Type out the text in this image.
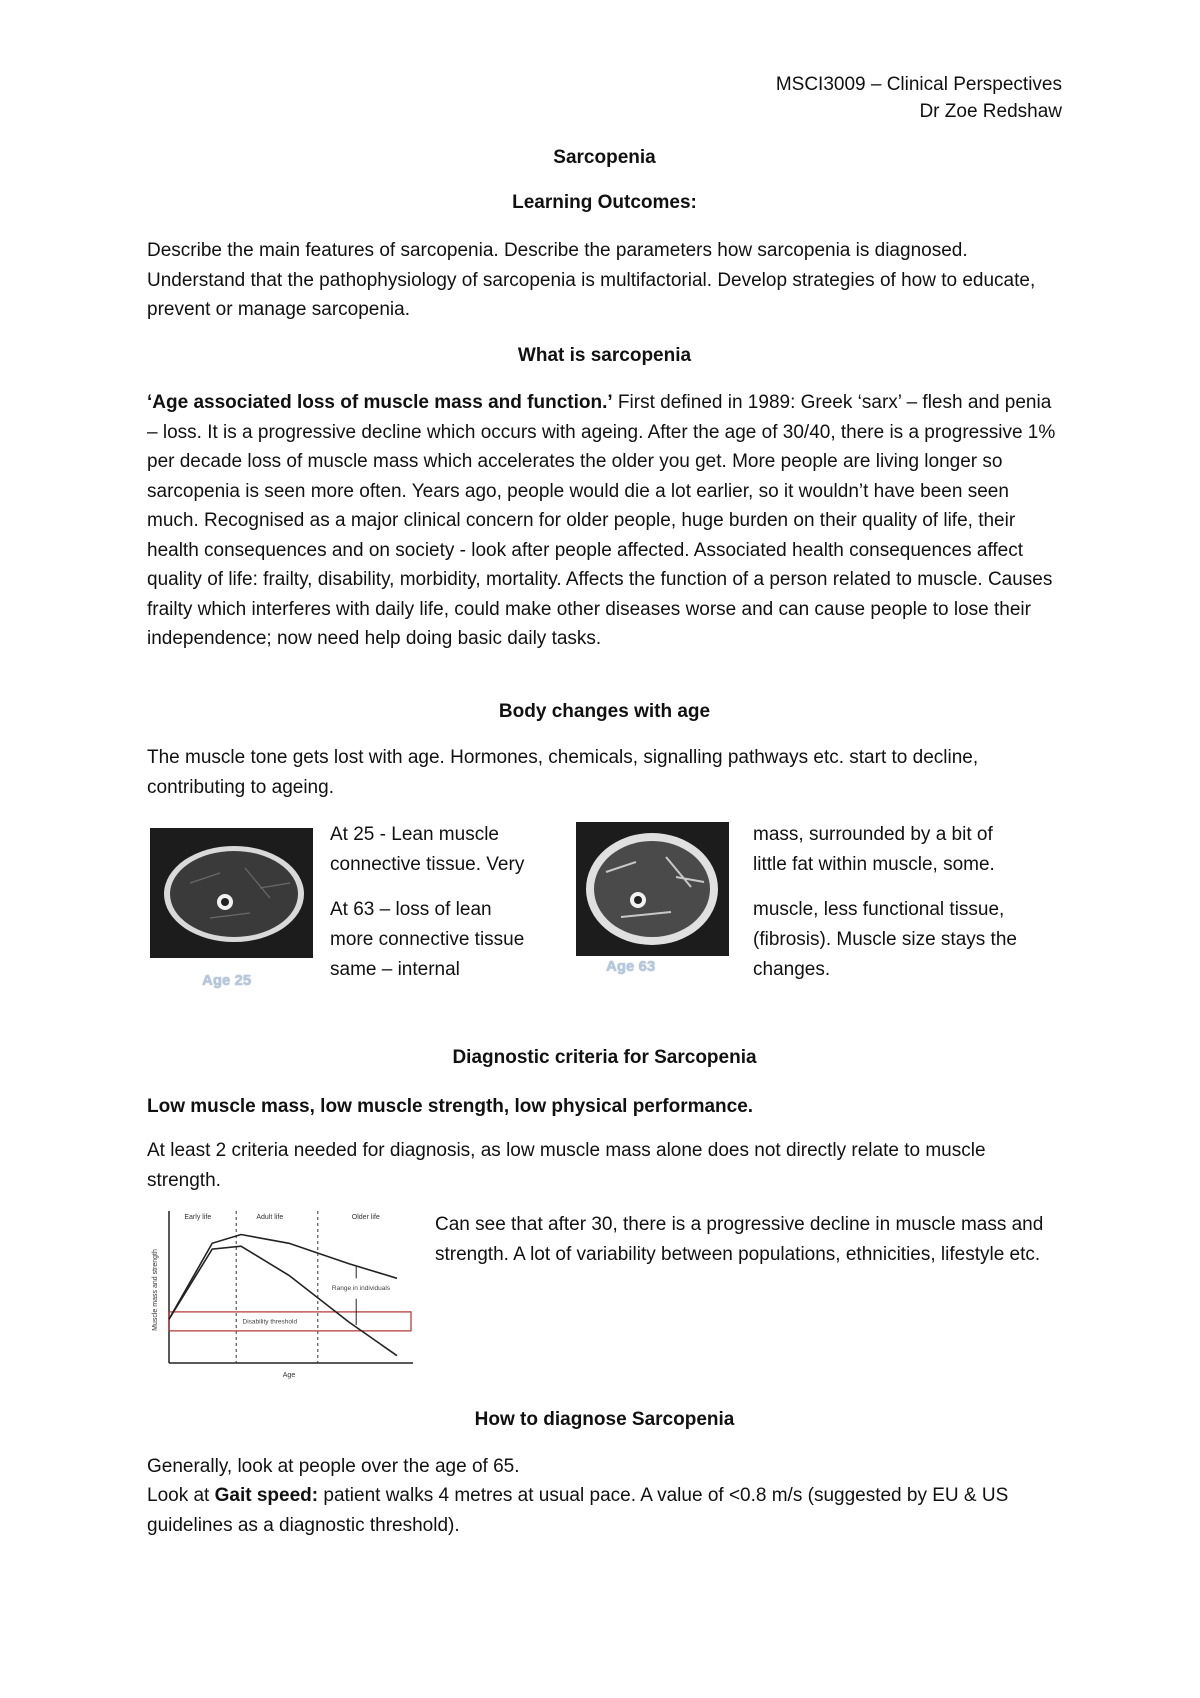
MSCI3009 – Clinical Perspectives
Dr Zoe Redshaw
Sarcopenia
Learning Outcomes:
Describe the main features of sarcopenia. Describe the parameters how sarcopenia is diagnosed. Understand that the pathophysiology of sarcopenia is multifactorial. Develop strategies of how to educate, prevent or manage sarcopenia.
What is sarcopenia
‘Age associated loss of muscle mass and function.’ First defined in 1989: Greek ‘sarx’ – flesh and penia – loss. It is a progressive decline which occurs with ageing. After the age of 30/40, there is a progressive 1% per decade loss of muscle mass which accelerates the older you get. More people are living longer so sarcopenia is seen more often. Years ago, people would die a lot earlier, so it wouldn’t have been seen much. Recognised as a major clinical concern for older people, huge burden on their quality of life, their health consequences and on society - look after people affected. Associated health consequences affect quality of life: frailty, disability, morbidity, mortality. Affects the function of a person related to muscle. Causes frailty which interferes with daily life, could make other diseases worse and can cause people to lose their independence; now need help doing basic daily tasks.
Body changes with age
The muscle tone gets lost with age. Hormones, chemicals, signalling pathways etc. start to decline, contributing to ageing.
Age 25
At 25 - Lean muscle
connective tissue. Very
At 63 – loss of lean
more connective tissue
same – internal	Age 63
mass, surrounded by a bit of
little fat within muscle, some.
muscle, less functional tissue,
(fibrosis). Muscle size stays the
changes.
Diagnostic criteria for Sarcopenia
Low muscle mass, low muscle strength, low physical performance.
At least 2 criteria needed for diagnosis, as low muscle mass alone does not directly relate to muscle strength.
Early life	Adult life	Older life
Disability threshold
Range in individuals
Age
Muscle mass and strength
Can see that after 30, there is a progressive decline in muscle mass and strength. A lot of variability between populations, ethnicities, lifestyle etc.
How to diagnose Sarcopenia
Generally, look at people over the age of 65.
Look at Gait speed: patient walks 4 metres at usual pace. A value of <0.8 m/s (suggested by EU & US guidelines as a diagnostic threshold).
